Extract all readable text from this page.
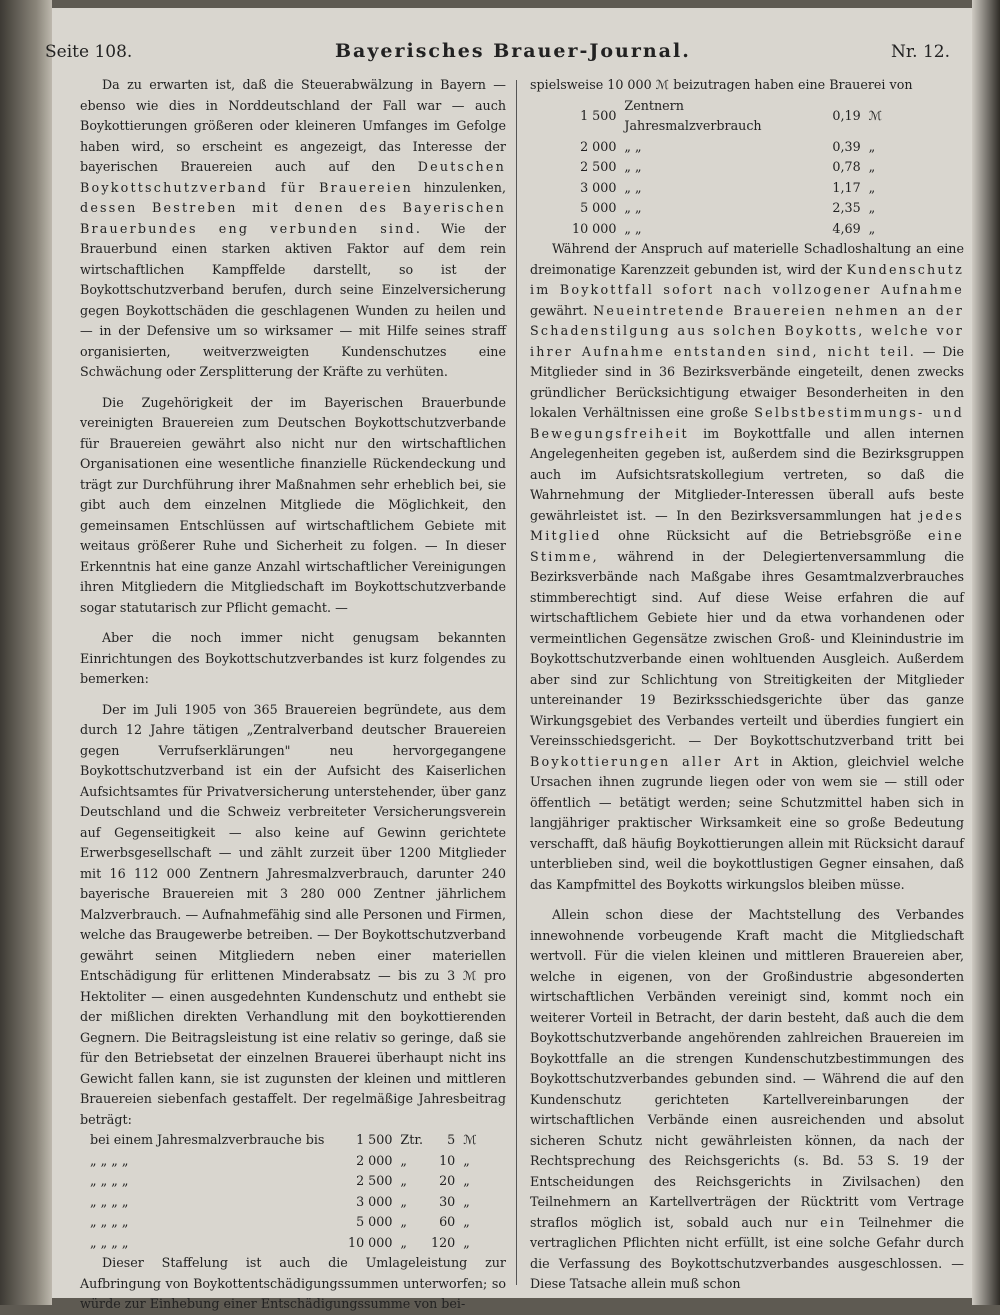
Seite 108.	Bayerisches Brauer-Journal.	Nr. 12.

Da zu erwarten ist, daß die Steuerabwälzung in Bayern — ebenso wie dies in Norddeutschland der Fall war — auch Boykottierungen größeren oder kleineren Umfanges im Gefolge haben wird, so erscheint es angezeigt, das Interesse der bayerischen Brauereien auch auf den Deutschen Boykottschutzverband für Brauereien hinzulenken, dessen Bestreben mit denen des Bayerischen Brauerbundes eng verbunden sind. Wie der Brauerbund einen starken aktiven Faktor auf dem rein wirtschaftlichen Kampffelde darstellt, so ist der Boykottschutzverband berufen, durch seine Einzelversicherung gegen Boykottschäden die geschlagenen Wunden zu heilen und — in der Defensive um so wirksamer — mit Hilfe seines straff organisierten, weitverzweigten Kundenschutzes eine Schwächung oder Zersplitterung der Kräfte zu verhüten.

Die Zugehörigkeit der im Bayerischen Brauerbunde vereinigten Brauereien zum Deutschen Boykottschutzverbande für Brauereien gewährt also nicht nur den wirtschaftlichen Organisationen eine wesentliche finanzielle Rückendeckung und trägt zur Durchführung ihrer Maßnahmen sehr erheblich bei, sie gibt auch dem einzelnen Mitgliede die Möglichkeit, den gemeinsamen Entschlüssen auf wirtschaftlichem Gebiete mit weitaus größerer Ruhe und Sicherheit zu folgen. — In dieser Erkenntnis hat eine ganze Anzahl wirtschaftlicher Vereinigungen ihren Mitgliedern die Mitgliedschaft im Boykottschutzverbande sogar statutarisch zur Pflicht gemacht. —

Aber die noch immer nicht genugsam bekannten Einrichtungen des Boykottschutzverbandes ist kurz folgendes zu bemerken:

Der im Juli 1905 von 365 Brauereien begründete, aus dem durch 12 Jahre tätigen „Zentralverband deutscher Brauereien gegen Verrufserklärungen" neu hervorgegangene Boykottschutzverband ist ein der Aufsicht des Kaiserlichen Aufsichtsamtes für Privatversicherung unterstehender, über ganz Deutschland und die Schweiz verbreiteter Versicherungsverein auf Gegenseitigkeit — also keine auf Gewinn gerichtete Erwerbsgesellschaft — und zählt zurzeit über 1200 Mitglieder mit 16 112 000 Zentnern Jahresmalzverbrauch, darunter 240 bayerische Brauereien mit 3 280 000 Zentner jährlichem Malzverbrauch. — Aufnahmefähig sind alle Personen und Firmen, welche das Braugewerbe betreiben. — Der Boykottschutzverband gewährt seinen Mitgliedern neben einer materiellen Entschädigung für erlittenen Minderabsatz — bis zu 3 ℳ pro Hektoliter — einen ausgedehnten Kundenschutz und enthebt sie der mißlichen direkten Verhandlung mit den boykottierenden Gegnern. Die Beitragsleistung ist eine relativ so geringe, daß sie für den Betriebsetat der einzelnen Brauerei überhaupt nicht ins Gewicht fallen kann, sie ist zugunsten der kleinen und mittleren Brauereien siebenfach gestaffelt. Der regelmäßige Jahresbeitrag beträgt:

bei einem Jahresmalzverbrauche bis	1 500	Ztr.	5	ℳ
„ „ „ „	2 000	„	10	„
„ „ „ „	2 500	„	20	„
„ „ „ „	3 000	„	30	„
„ „ „ „	5 000	„	60	„
„ „ „ „	10 000	„	120	„

Dieser Staffelung ist auch die Umlageleistung zur Aufbringung von Boykottentschädigungssummen unterworfen; so würde zur Einhebung einer Entschädigungssumme von bei-

spielsweise 10 000 ℳ beizutragen haben eine Brauerei von

1 500	Zentnern Jahresmalzverbrauch	0,19	ℳ
2 000	„ „	0,39	„
2 500	„ „	0,78	„
3 000	„ „	1,17	„
5 000	„ „	2,35	„
10 000	„ „	4,69	„

Während der Anspruch auf materielle Schadloshaltung an eine dreimonatige Karenzzeit gebunden ist, wird der Kundenschutz im Boykottfall sofort nach vollzogener Aufnahme gewährt. Neueintretende Brauereien nehmen an der Schadenstilgung aus solchen Boykotts, welche vor ihrer Aufnahme entstanden sind, nicht teil. — Die Mitglieder sind in 36 Bezirksverbände eingeteilt, denen zwecks gründlicher Berücksichtigung etwaiger Besonderheiten in den lokalen Verhältnissen eine große Selbstbestimmungs- und Bewegungsfreiheit im Boykottfalle und allen internen Angelegenheiten gegeben ist, außerdem sind die Bezirksgruppen auch im Aufsichtsratskollegium vertreten, so daß die Wahrnehmung der Mitglieder-Interessen überall aufs beste gewährleistet ist. — In den Bezirksversammlungen hat jedes Mitglied ohne Rücksicht auf die Betriebsgröße eine Stimme, während in der Delegiertenversammlung die Bezirksverbände nach Maßgabe ihres Gesamtmalzverbrauches stimmberechtigt sind. Auf diese Weise erfahren die auf wirtschaftlichem Gebiete hier und da etwa vorhandenen oder vermeintlichen Gegensätze zwischen Groß- und Kleinindustrie im Boykottschutzverbande einen wohltuenden Ausgleich. Außerdem aber sind zur Schlichtung von Streitigkeiten der Mitglieder untereinander 19 Bezirksschiedsgerichte über das ganze Wirkungsgebiet des Verbandes verteilt und überdies fungiert ein Vereinsschiedsgericht. — Der Boykottschutzverband tritt bei Boykottierungen aller Art in Aktion, gleichviel welche Ursachen ihnen zugrunde liegen oder von wem sie — still oder öffentlich — betätigt werden; seine Schutzmittel haben sich in langjähriger praktischer Wirksamkeit eine so große Bedeutung verschafft, daß häufig Boykottierungen allein mit Rücksicht darauf unterblieben sind, weil die boykottlustigen Gegner einsahen, daß das Kampfmittel des Boykotts wirkungslos bleiben müsse.

Allein schon diese der Machtstellung des Verbandes innewohnende vorbeugende Kraft macht die Mitgliedschaft wertvoll. Für die vielen kleinen und mittleren Brauereien aber, welche in eigenen, von der Großindustrie abgesonderten wirtschaftlichen Verbänden vereinigt sind, kommt noch ein weiterer Vorteil in Betracht, der darin besteht, daß auch die dem Boykottschutzverbande angehörenden zahlreichen Brauereien im Boykottfalle an die strengen Kundenschutzbestimmungen des Boykottschutzverbandes gebunden sind. — Während die auf den Kundenschutz gerichteten Kartellvereinbarungen der wirtschaftlichen Verbände einen ausreichenden und absolut sicheren Schutz nicht gewährleisten können, da nach der Rechtsprechung des Reichsgerichts (s. Bd. 53 S. 19 der Entscheidungen des Reichsgerichts in Zivilsachen) den Teilnehmern an Kartellverträgen der Rücktritt vom Vertrage straflos möglich ist, sobald auch nur ein Teilnehmer die vertraglichen Pflichten nicht erfüllt, ist eine solche Gefahr durch die Verfassung des Boykottschutzverbandes ausgeschlossen. — Diese Tatsache allein muß schon
